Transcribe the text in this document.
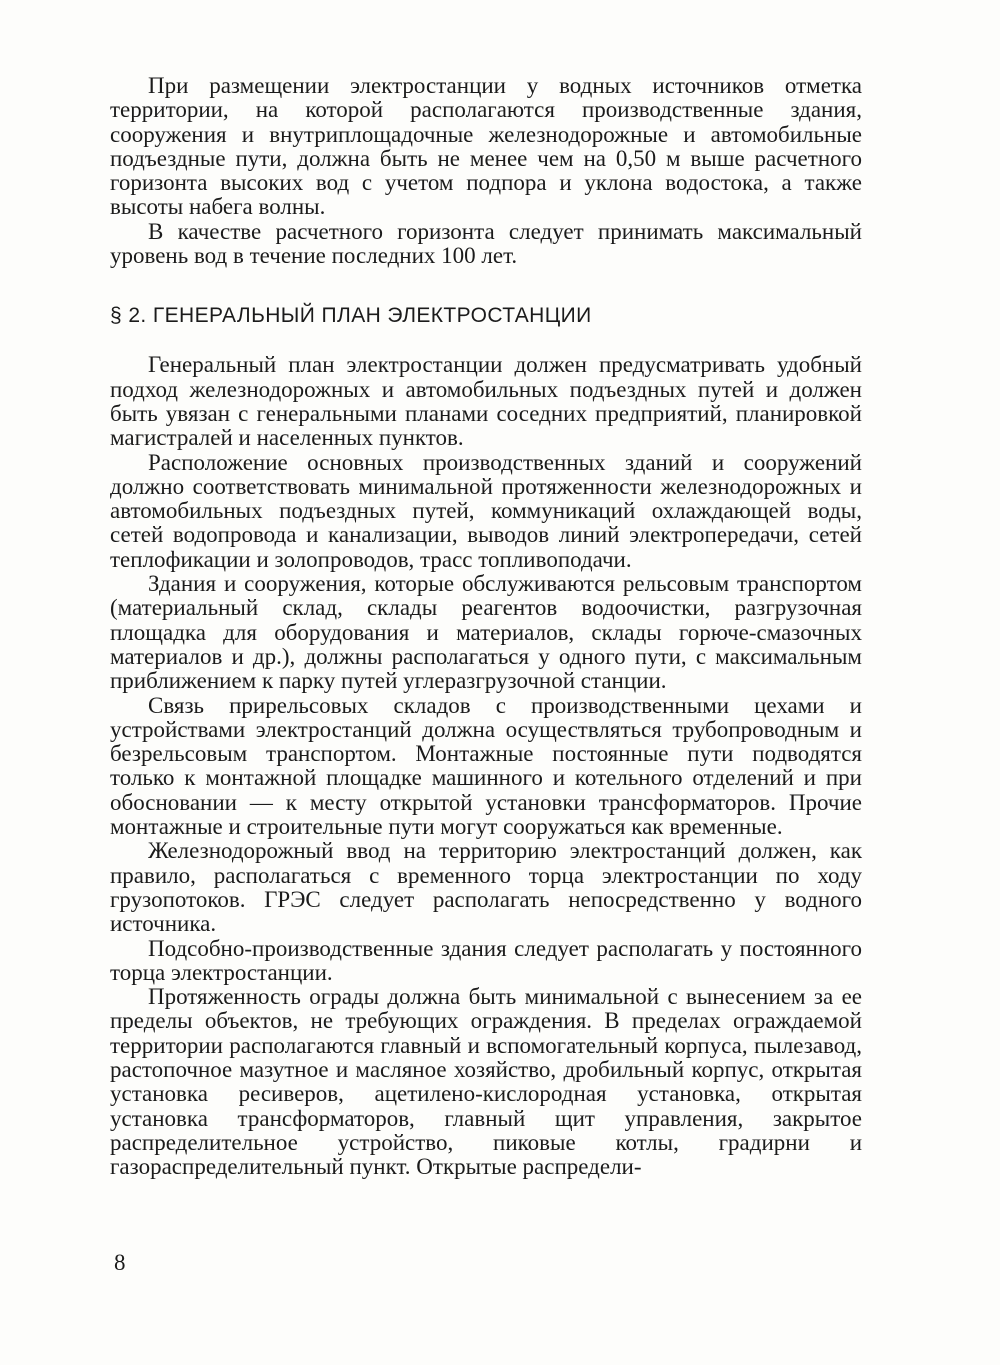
При размещении электростанции у водных источников отметка территории, на которой располагаются производственные здания, сооружения и внутриплощадочные железнодорожные и автомобильные подъездные пути, должна быть не менее чем на 0,50 м выше расчетного горизонта высоких вод с учетом подпора и уклона водостока, а также высоты набега волны.

В качестве расчетного горизонта следует принимать максимальный уровень вод в течение последних 100 лет.

§ 2. ГЕНЕРАЛЬНЫЙ ПЛАН ЭЛЕКТРОСТАНЦИИ

Генеральный план электростанции должен предусматривать удобный подход железнодорожных и автомобильных подъездных путей и должен быть увязан с генеральными планами соседних предприятий, планировкой магистралей и населенных пунктов.

Расположение основных производственных зданий и сооружений должно соответствовать минимальной протяженности железнодорожных и автомобильных подъездных путей, коммуникаций охлаждающей воды, сетей водопровода и канализации, выводов линий электропередачи, сетей теплофикации и золопроводов, трасс топливоподачи.

Здания и сооружения, которые обслуживаются рельсовым транспортом (материальный склад, склады реагентов водоочистки, разгрузочная площадка для оборудования и материалов, склады горюче-смазочных материалов и др.), должны располагаться у одного пути, с максимальным приближением к парку путей углеразгрузочной станции.

Связь прирельсовых складов с производственными цехами и устройствами электростанций должна осуществляться трубопроводным и безрельсовым транспортом. Монтажные постоянные пути подводятся только к монтажной площадке машинного и котельного отделений и при обосновании — к месту открытой установки трансформаторов. Прочие монтажные и строительные пути могут сооружаться как временные.

Железнодорожный ввод на территорию электростанций должен, как правило, располагаться с временного торца электростанции по ходу грузопотоков. ГРЭС следует располагать непосредственно у водного источника.

Подсобно-производственные здания следует располагать у постоянного торца электростанции.

Протяженность ограды должна быть минимальной с вынесением за ее пределы объектов, не требующих ограждения. В пределах ограждаемой территории располагаются главный и вспомогательный корпуса, пылезавод, растопочное мазутное и масляное хозяйство, дробильный корпус, открытая установка ресиверов, ацетилено-кислородная установка, открытая установка трансформаторов, главный щит управления, закрытое распределительное устройство, пиковые котлы, градирни и газораспределительный пункт. Открытые распредели-

8
